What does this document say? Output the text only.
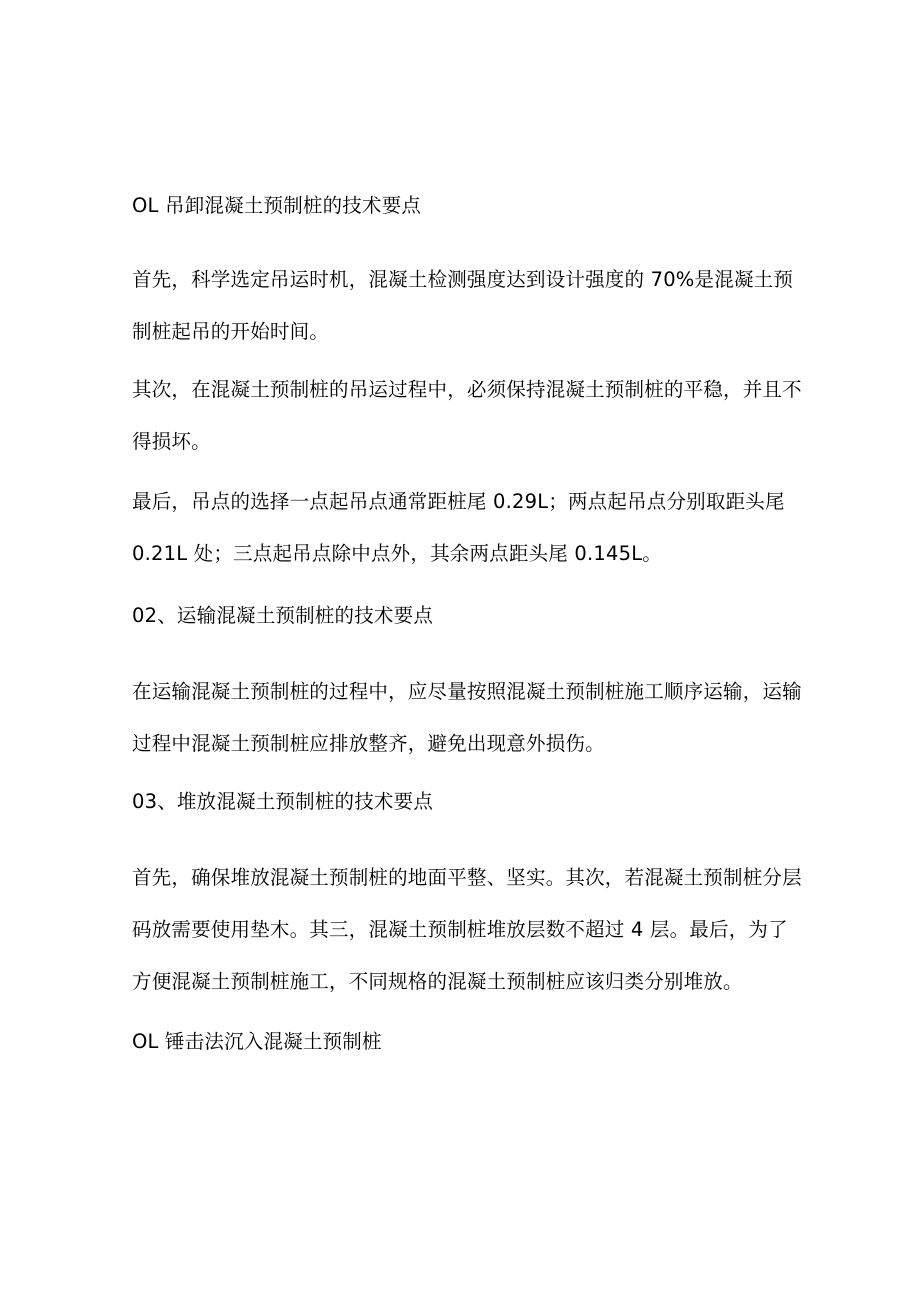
OL 吊卸混凝土预制桩的技术要点

首先，科学选定吊运时机，混凝土检测强度达到设计强度的 70%是混凝土预制桩起吊的开始时间。

其次，在混凝土预制桩的吊运过程中，必须保持混凝土预制桩的平稳，并且不得损坏。

最后，吊点的选择一点起吊点通常距桩尾 0.29L；两点起吊点分别取距头尾 0.21L 处；三点起吊点除中点外，其余两点距头尾 0.145L。

02、运输混凝土预制桩的技术要点

在运输混凝土预制桩的过程中，应尽量按照混凝土预制桩施工顺序运输，运输过程中混凝土预制桩应排放整齐，避免出现意外损伤。

03、堆放混凝土预制桩的技术要点

首先，确保堆放混凝土预制桩的地面平整、坚实。其次，若混凝土预制桩分层码放需要使用垫木。其三，混凝土预制桩堆放层数不超过 4 层。最后，为了方便混凝土预制桩施工，不同规格的混凝土预制桩应该归类分别堆放。

OL 锤击法沉入混凝土预制桩
